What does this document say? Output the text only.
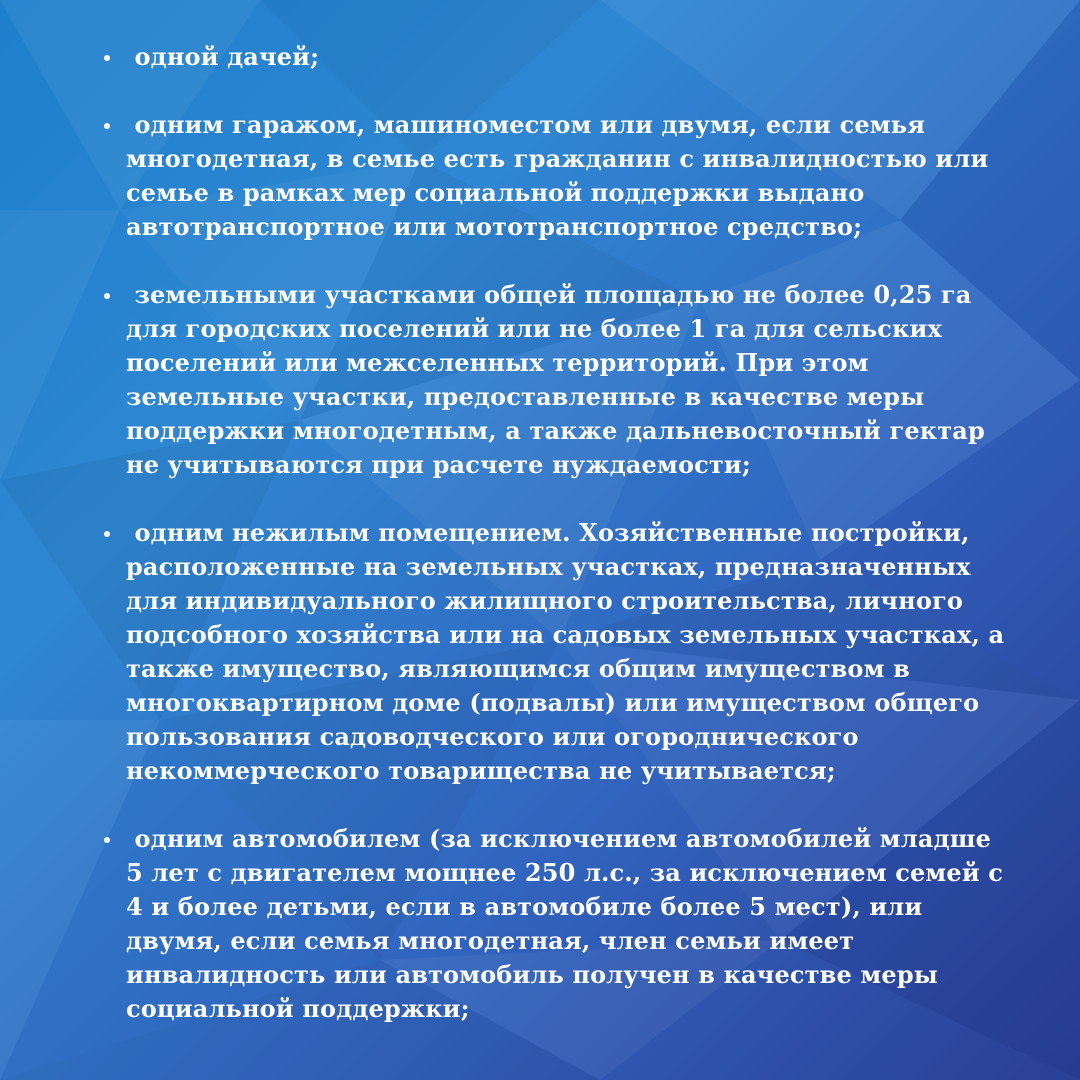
одной дачей;
одним гаражом, машиноместом или двумя, если семья многодетная, в семье есть гражданин с инвалидностью или семье в рамках мер социальной поддержки выдано автотранспортное или мототранспортное средство;
земельными участками общей площадью не более 0,25 га для городских поселений или не более 1 га для сельских поселений или межселенных территорий. При этом земельные участки, предоставленные в качестве меры поддержки многодетным, а также дальневосточный гектар не учитываются при расчете нуждаемости;
одним нежилым помещением. Хозяйственные постройки, расположенные на земельных участках, предназначенных для индивидуального жилищного строительства, личного подсобного хозяйства или на садовых земельных участках, а также имущество, являющимся общим имуществом в многоквартирном доме (подвалы) или имуществом общего пользования садоводческого или огороднического некоммерческого товарищества не учитывается;
одним автомобилем (за исключением автомобилей младше 5 лет с двигателем мощнее 250 л.с., за исключением семей с 4 и более детьми, если в автомобиле более 5 мест), или двумя, если семья многодетная, член семьи имеет инвалидность или автомобиль получен в качестве меры социальной поддержки;
